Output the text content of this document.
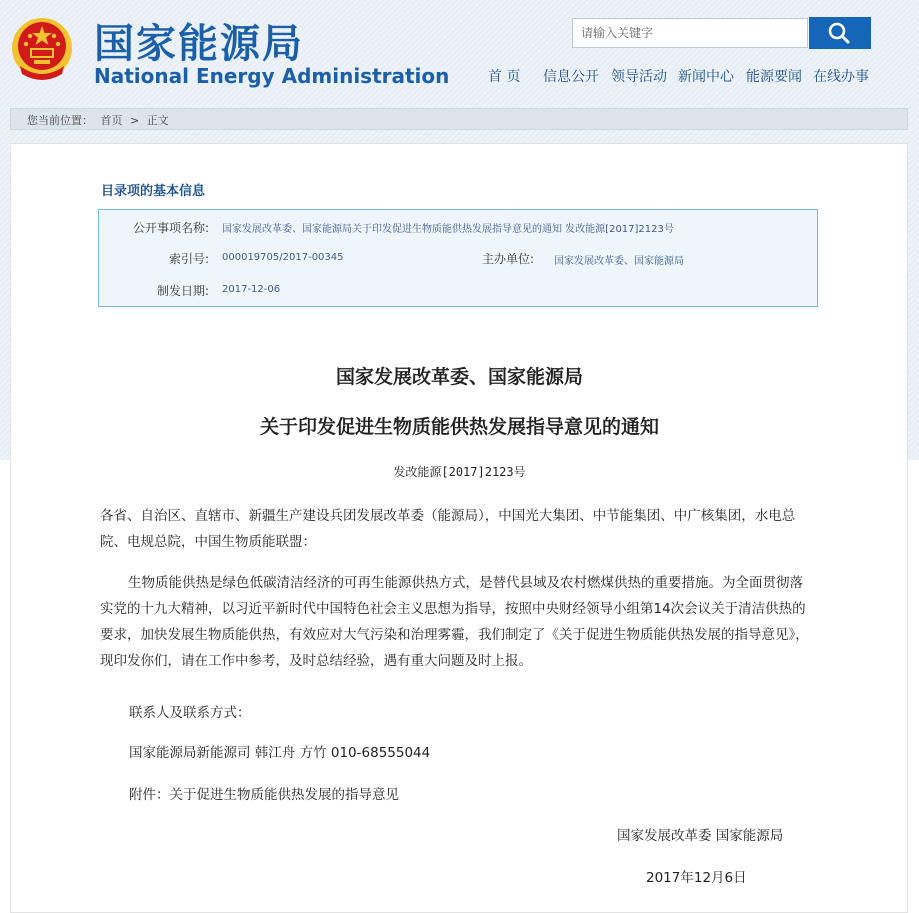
国家能源局
National Energy Administration
请输入关键字
首 页 信息公开 领导活动 新闻中心 能源要闻 在线办事
您当前位置： 首页 > 正文
目录项的基本信息
公开事项名称: 国家发展改革委、国家能源局关于印发促进生物质能供热发展指导意见的通知 发改能源[2017]2123号
索引号: 000019705/2017-00345	主办单位: 国家发展改革委、国家能源局
制发日期: 2017-12-06
国家发展改革委、国家能源局
关于印发促进生物质能供热发展指导意见的通知
发改能源[2017]2123号
各省、自治区、直辖市、新疆生产建设兵团发展改革委（能源局），中国光大集团、中节能集团、中广核集团，水电总院、电规总院，中国生物质能联盟：
生物质能供热是绿色低碳清洁经济的可再生能源供热方式，是替代县域及农村燃煤供热的重要措施。为全面贯彻落实党的十九大精神，以习近平新时代中国特色社会主义思想为指导，按照中央财经领导小组第14次会议关于清洁供热的要求，加快发展生物质能供热，有效应对大气污染和治理雾霾，我们制定了《关于促进生物质能供热发展的指导意见》，现印发你们，请在工作中参考，及时总结经验，遇有重大问题及时上报。
联系人及联系方式：
国家能源局新能源司 韩江舟 方竹 010-68555044
附件：关于促进生物质能供热发展的指导意见
国家发展改革委 国家能源局
2017年12月6日
